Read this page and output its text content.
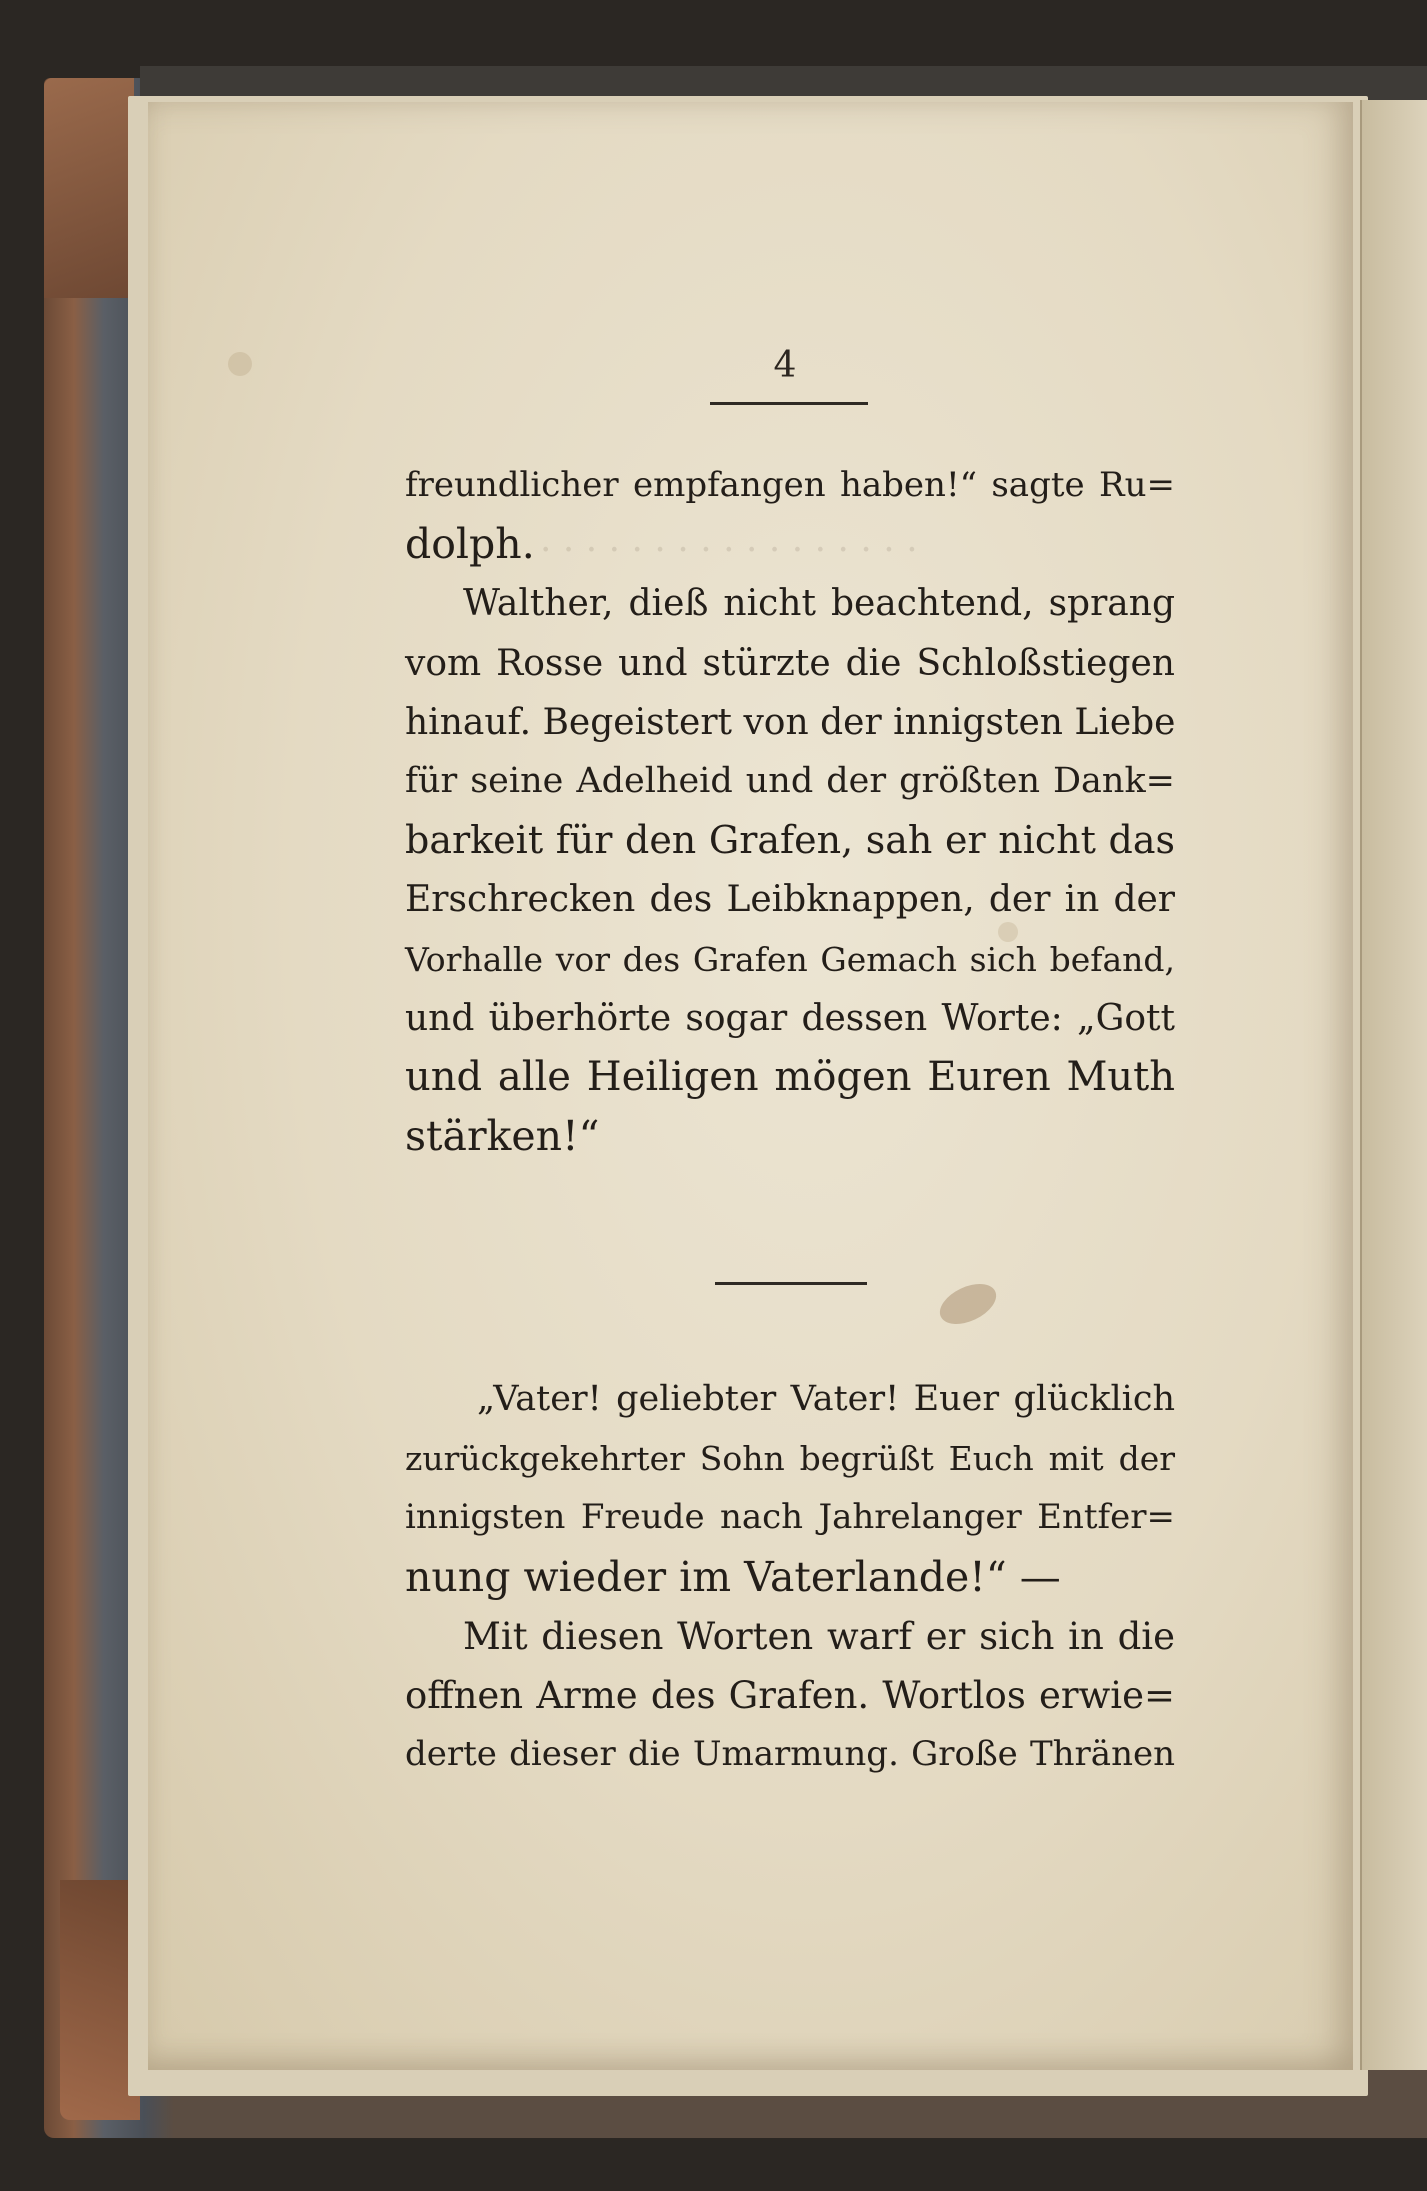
· · · · · · · · · · · · · · · · ·
4
freundlicher empfangen haben!“ sagte Ru=
dolph.
Walther, dieß nicht beachtend, sprang
vom Rosse und stürzte die Schloßstiegen
hinauf. Begeistert von der innigsten Liebe
für seine Adelheid und der größten Dank=
barkeit für den Grafen, sah er nicht das
Erschrecken des Leibknappen, der in der
Vorhalle vor des Grafen Gemach sich befand,
und überhörte sogar dessen Worte: „Gott
und alle Heiligen mögen Euren Muth
stärken!“
„Vater! geliebter Vater! Euer glücklich
zurückgekehrter Sohn begrüßt Euch mit der
innigsten Freude nach Jahrelanger Entfer=
nung wieder im Vaterlande!“ —
Mit diesen Worten warf er sich in die
offnen Arme des Grafen. Wortlos erwie=
derte dieser die Umarmung. Große Thränen
